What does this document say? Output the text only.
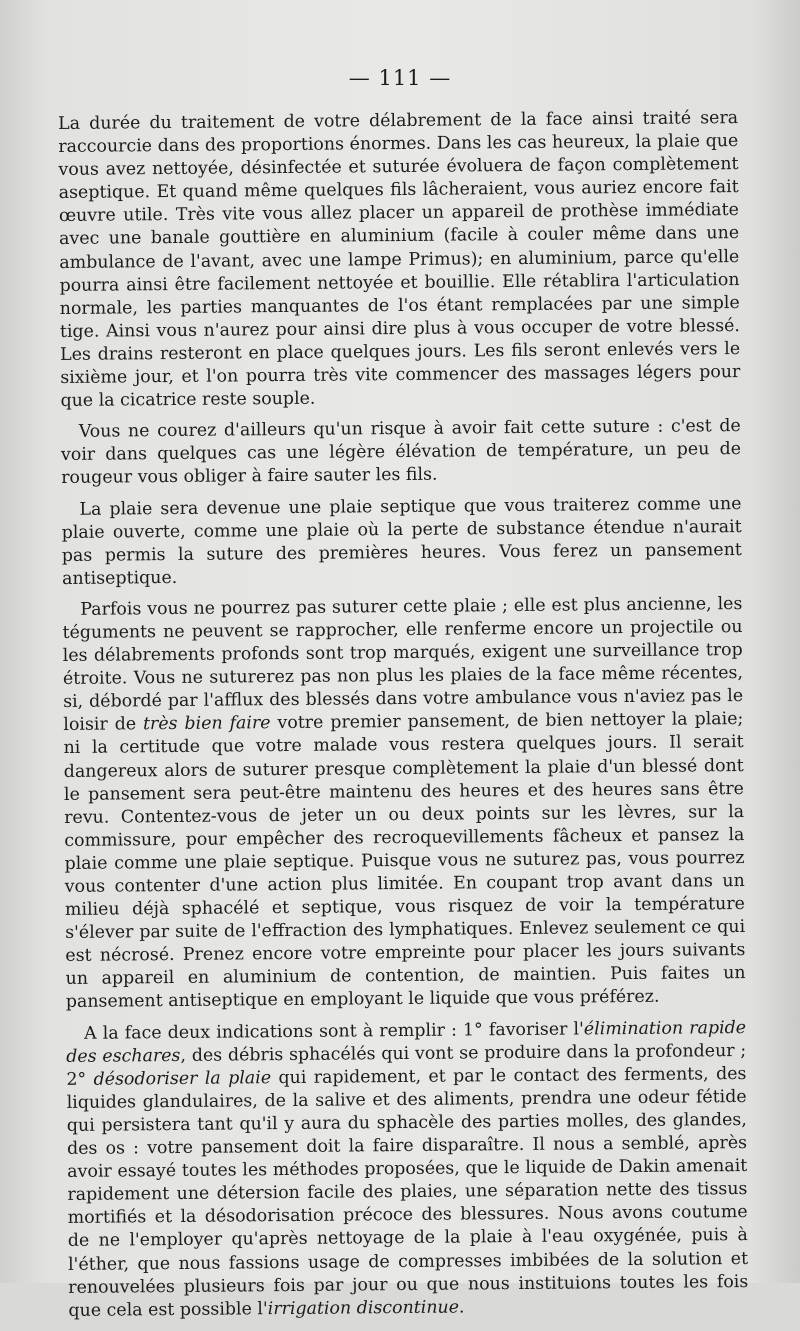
— 111 —

La durée du traitement de votre délabrement de la face ainsi traité sera raccourcie dans des proportions énormes. Dans les cas heureux, la plaie que vous avez nettoyée, désinfectée et suturée évoluera de façon complètement aseptique. Et quand même quelques fils lâcheraient, vous auriez encore fait œuvre utile. Très vite vous allez placer un appareil de prothèse immédiate avec une banale gouttière en aluminium (facile à couler même dans une ambulance de l'avant, avec une lampe Primus); en aluminium, parce qu'elle pourra ainsi être facilement nettoyée et bouillie. Elle rétablira l'articulation normale, les parties manquantes de l'os étant remplacées par une simple tige. Ainsi vous n'aurez pour ainsi dire plus à vous occuper de votre blessé. Les drains resteront en place quelques jours. Les fils seront enlevés vers le sixième jour, et l'on pourra très vite commencer des massages légers pour que la cicatrice reste souple.

Vous ne courez d'ailleurs qu'un risque à avoir fait cette suture : c'est de voir dans quelques cas une légère élévation de température, un peu de rougeur vous obliger à faire sauter les fils.

La plaie sera devenue une plaie septique que vous traiterez comme une plaie ouverte, comme une plaie où la perte de substance étendue n'aurait pas permis la suture des premières heures. Vous ferez un pansement antiseptique.

Parfois vous ne pourrez pas suturer cette plaie ; elle est plus ancienne, les téguments ne peuvent se rapprocher, elle renferme encore un projectile ou les délabrements profonds sont trop marqués, exigent une surveillance trop étroite. Vous ne suturerez pas non plus les plaies de la face même récentes, si, débordé par l'afflux des blessés dans votre ambulance vous n'aviez pas le loisir de très bien faire votre premier pansement, de bien nettoyer la plaie; ni la certitude que votre malade vous restera quelques jours. Il serait dangereux alors de suturer presque complètement la plaie d'un blessé dont le pansement sera peut-être maintenu des heures et des heures sans être revu. Contentez-vous de jeter un ou deux points sur les lèvres, sur la commissure, pour empêcher des recroquevillements fâcheux et pansez la plaie comme une plaie septique. Puisque vous ne suturez pas, vous pourrez vous contenter d'une action plus limitée. En coupant trop avant dans un milieu déjà sphacélé et septique, vous risquez de voir la température s'élever par suite de l'effraction des lymphatiques. Enlevez seulement ce qui est nécrosé. Prenez encore votre empreinte pour placer les jours suivants un appareil en aluminium de contention, de maintien. Puis faites un pansement antiseptique en employant le liquide que vous préférez.

A la face deux indications sont à remplir : 1° favoriser l'élimination rapide des eschares, des débris sphacélés qui vont se produire dans la profondeur ; 2° désodoriser la plaie qui rapidement, et par le contact des ferments, des liquides glandulaires, de la salive et des aliments, prendra une odeur fétide qui persistera tant qu'il y aura du sphacèle des parties molles, des glandes, des os : votre pansement doit la faire disparaître. Il nous a semblé, après avoir essayé toutes les méthodes proposées, que le liquide de Dakin amenait rapidement une détersion facile des plaies, une séparation nette des tissus mortifiés et la désodorisation précoce des blessures. Nous avons coutume de ne l'employer qu'après nettoyage de la plaie à l'eau oxygénée, puis à l'éther, que nous fassions usage de compresses imbibées de la solution et renouvelées plusieurs fois par jour ou que nous instituions toutes les fois que cela est possible l'irrigation discontinue.
